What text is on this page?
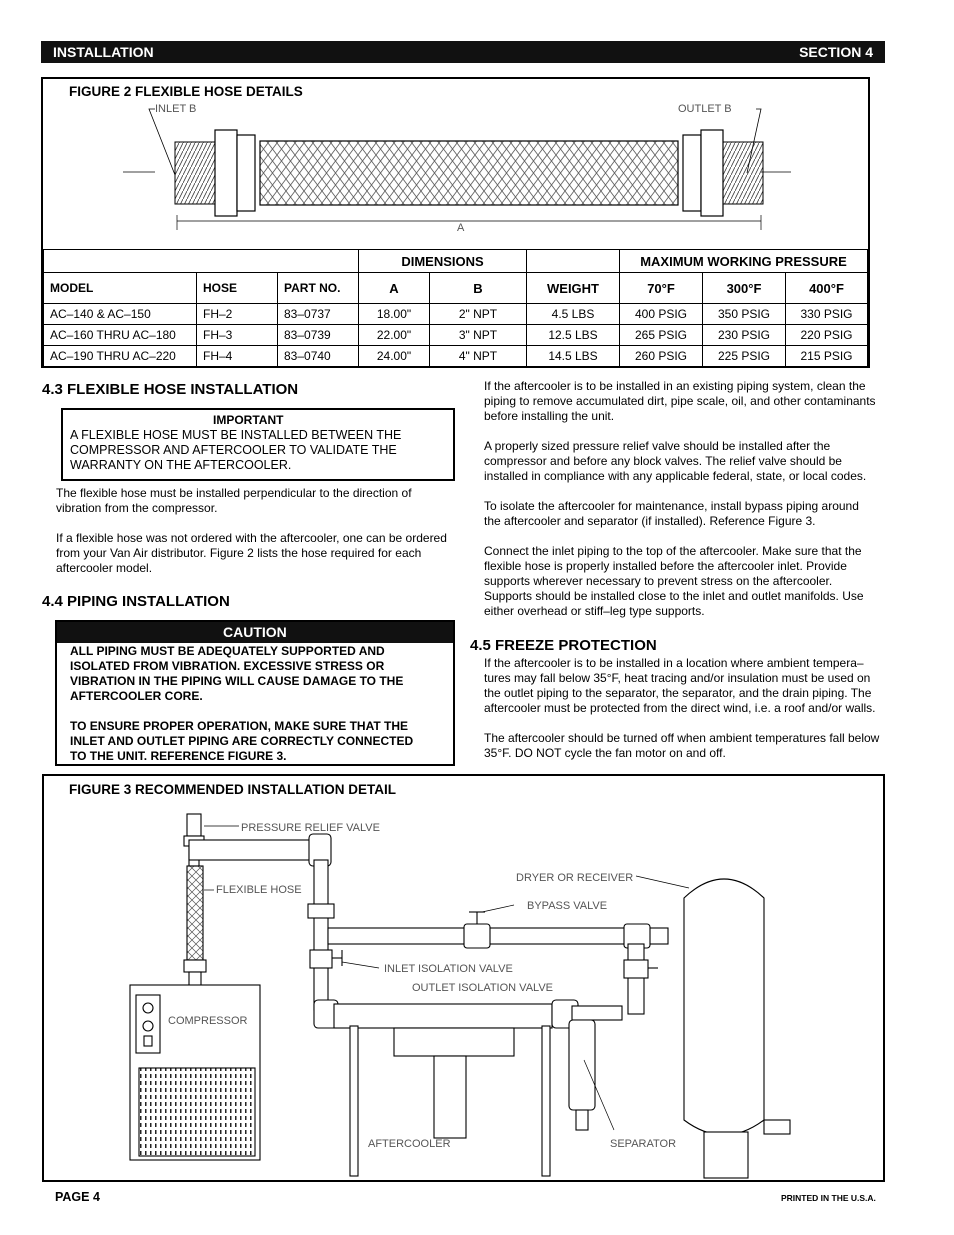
INSTALLATION	SECTION 4
FIGURE 2 FLEXIBLE HOSE DETAILS
INLET B	OUTLET B
A
			DIMENSIONS			MAXIMUM WORKING PRESSURE		
MODEL	HOSE	PART NO.	A	B	WEIGHT	70°F	300°F	400°F
AC–140 & AC–150	FH–2	83–0737	18.00"	2" NPT	4.5 LBS	400 PSIG	350 PSIG	330 PSIG
AC–160 THRU AC–180	FH–3	83–0739	22.00"	3" NPT	12.5 LBS	265 PSIG	230 PSIG	220 PSIG
AC–190 THRU AC–220	FH–4	83–0740	24.00"	4" NPT	14.5 LBS	260 PSIG	225 PSIG	215 PSIG
4.3 FLEXIBLE HOSE INSTALLATION
IMPORTANT
A FLEXIBLE HOSE MUST BE INSTALLED BETWEEN THE
COMPRESSOR AND AFTERCOOLER TO VALIDATE THE
WARRANTY ON THE AFTERCOOLER.
The flexible hose must be installed perpendicular to the direction of
vibration from the compressor.
If a flexible hose was not ordered with the aftercooler, one can be ordered
from your Van Air distributor. Figure 2 lists the hose required for each
aftercooler model.
4.4 PIPING INSTALLATION
CAUTION
ALL PIPING MUST BE ADEQUATELY SUPPORTED AND
ISOLATED FROM VIBRATION. EXCESSIVE STRESS OR
VIBRATION IN THE PIPING WILL CAUSE DAMAGE TO THE
AFTERCOOLER CORE.
TO ENSURE PROPER OPERATION, MAKE SURE THAT THE
INLET AND OUTLET PIPING ARE CORRECTLY CONNECTED
TO THE UNIT. REFERENCE FIGURE 3.
If the aftercooler is to be installed in an existing piping system, clean the
piping to remove accumulated dirt, pipe scale, oil, and other contaminants
before installing the unit.
A properly sized pressure relief valve should be installed after the
compressor and before any block valves. The relief valve should be
installed in compliance with any applicable federal, state, or local codes.
To isolate the aftercooler for maintenance, install bypass piping around
the aftercooler and separator (if installed). Reference Figure 3.
Connect the inlet piping to the top of the aftercooler. Make sure that the
flexible hose is properly installed before the aftercooler inlet. Provide
supports wherever necessary to prevent stress on the aftercooler.
Supports should be installed close to the inlet and outlet manifolds. Use
either overhead or stiff–leg type supports.
4.5 FREEZE PROTECTION
If the aftercooler is to be installed in a location where ambient tempera–
tures may fall below 35°F, heat tracing and/or insulation must be used on
the outlet piping to the separator, the separator, and the drain piping. The
aftercooler must be protected from the direct wind, i.e. a roof and/or walls.
The aftercooler should be turned off when ambient temperatures fall below
35°F. DO NOT cycle the fan motor on and off.
FIGURE 3 RECOMMENDED INSTALLATION DETAIL
PRESSURE RELIEF VALVE
FLEXIBLE HOSE
DRYER OR RECEIVER
BYPASS VALVE
INLET ISOLATION VALVE
OUTLET ISOLATION VALVE
COMPRESSOR
AFTERCOOLER	SEPARATOR
PAGE 4	PRINTED IN THE U.S.A.
